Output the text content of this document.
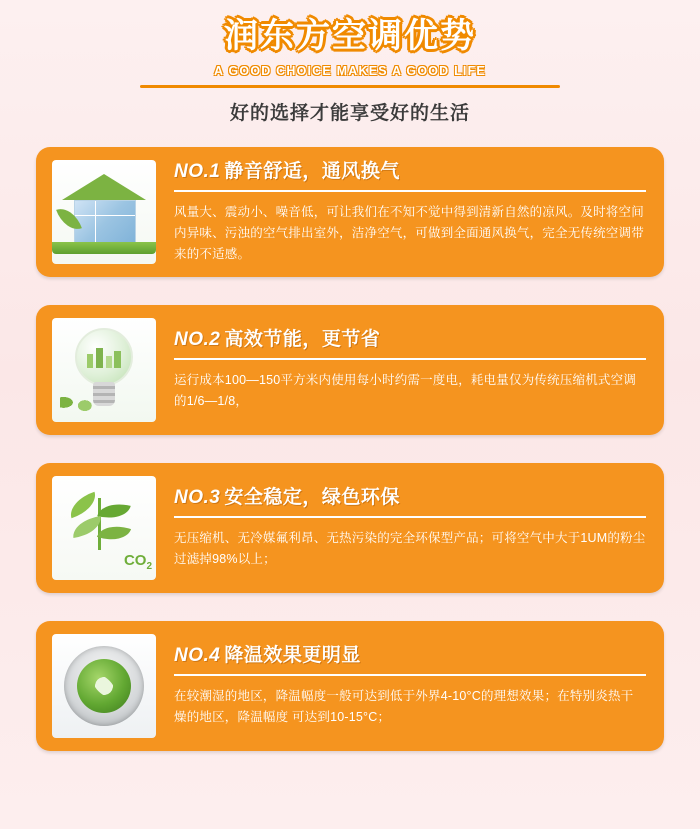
润东方空调优势
A GOOD CHOICE MAKES A GOOD LIFE
好的选择才能享受好的生活
NO.1 静音舒适，通风换气
风量大、震动小、噪音低，可让我们在不知不觉中得到清新自然的凉风。及时将空间内异味、污浊的空气排出室外，洁净空气，可做到全面通风换气，完全无传统空调带来的不适感。
NO.2 高效节能，更节省
运行成本100—150平方米内使用每小时约需一度电，耗电量仅为传统压缩机式空调的1/6—1/8，
$CO_2$
NO.3 安全稳定，绿色环保
无压缩机、无冷媒氟利昂、无热污染的完全环保型产品；可将空气中大于1UM的粉尘过滤掉98%以上；
NO.4 降温效果更明显
在较潮湿的地区，降温幅度一般可达到低于外界4-10°C的理想效果；在特别炎热干燥的地区，降温幅度 可达到10-15°C；
